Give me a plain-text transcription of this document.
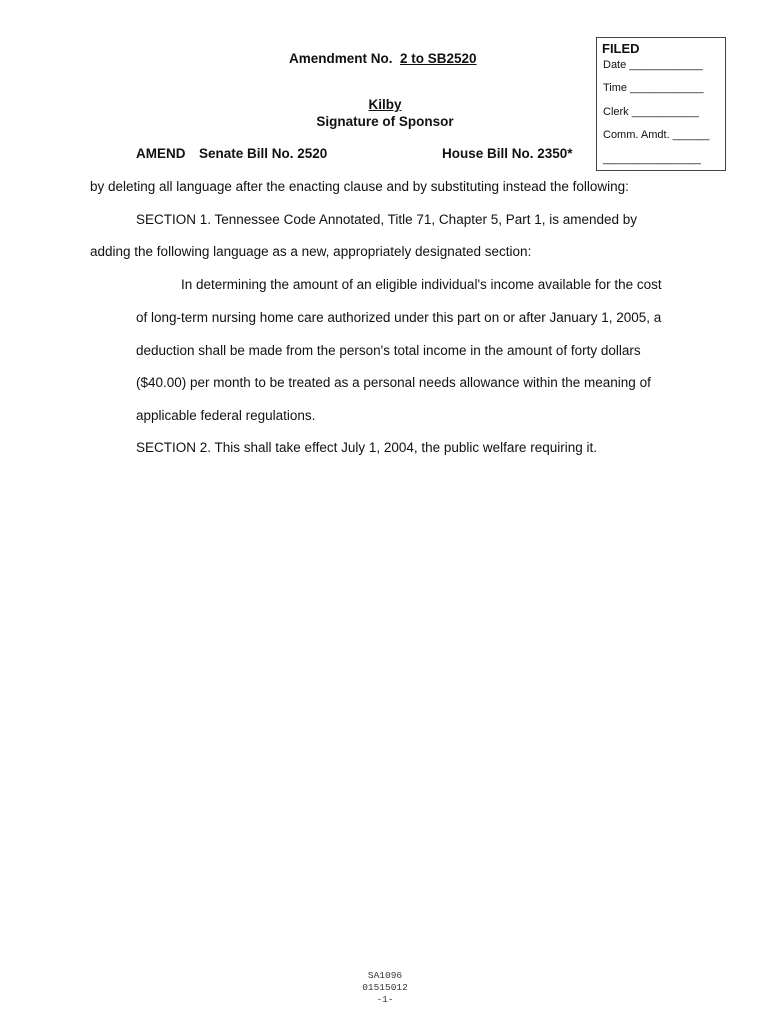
FILED
Date ____________
Time ____________
Clerk ___________
Comm. Amdt. ______
________________
Amendment No. 2 to SB2520
Kilby
Signature of Sponsor
AMEND Senate Bill No. 2520	House Bill No. 2350*
by deleting all language after the enacting clause and by substituting instead the following:
SECTION 1. Tennessee Code Annotated, Title 71, Chapter 5, Part 1, is amended by
adding the following language as a new, appropriately designated section:
In determining the amount of an eligible individual's income available for the cost
of long-term nursing home care authorized under this part on or after January 1, 2005, a
deduction shall be made from the person's total income in the amount of forty dollars
($40.00) per month to be treated as a personal needs allowance within the meaning of
applicable federal regulations.
SECTION 2. This shall take effect July 1, 2004, the public welfare requiring it.
SA1096
01515012
-1-
